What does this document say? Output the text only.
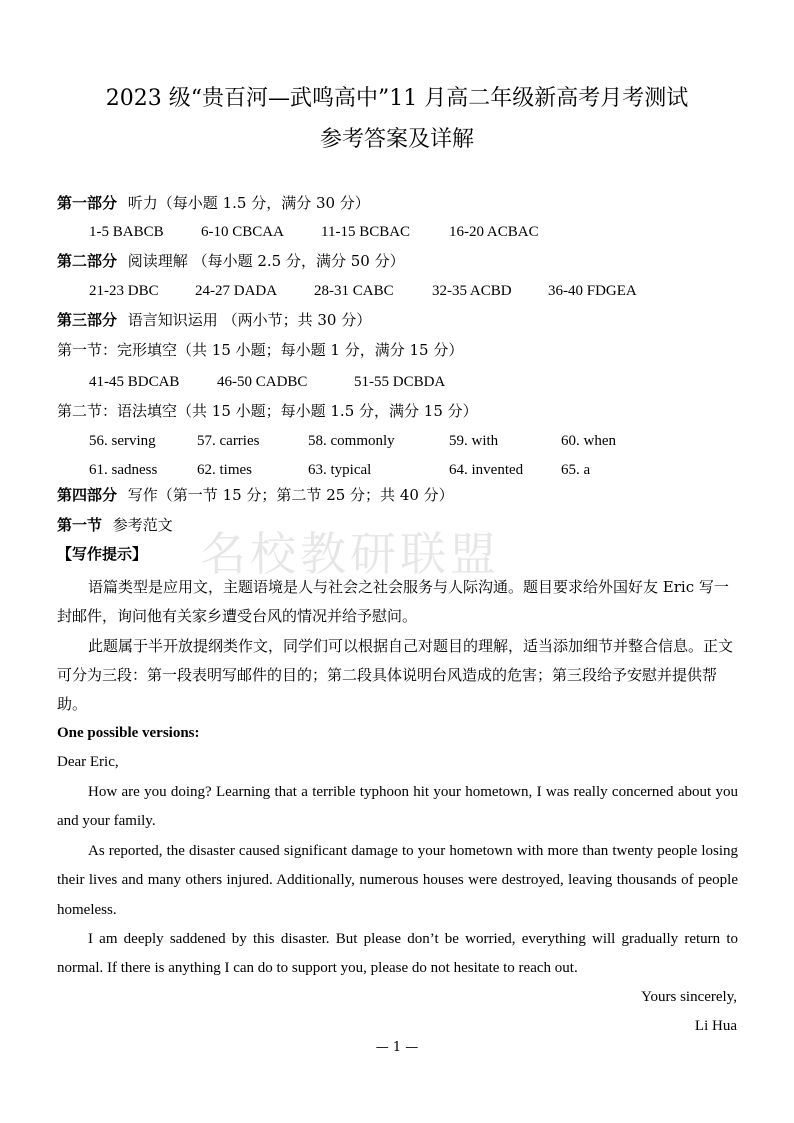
2023 级“贵百河—武鸣高中”11 月高二年级新高考月考测试
参考答案及详解
第一部分 听力（每小题 1.5 分，满分 30 分）
1-5 BABCB 6-10 CBCAA 11-15 BCBAC	16-20 ACBAC
第二部分 阅读理解 （每小题 2.5 分，满分 50 分）
21-23 DBC 24-27 DADA 28-31 CABC	32-35 ACBD 36-40 FDGEA
第三部分 语言知识运用 （两小节；共 30 分）
第一节：完形填空（共 15 小题；每小题 1 分，满分 15 分）
41-45 BDCAB	46-50 CADBC	51-55 DCBDA
第二节：语法填空（共 15 小题；每小题 1.5 分，满分 15 分）
56. serving	57. carries	58. commonly	59. with	60. when
61. sadness	62. times	63. typical	64. invented	65. a
第四部分 写作（第一节 15 分；第二节 25 分；共 40 分）
第一节 参考范文
名校教研联盟
【写作提示】
语篇类型是应用文，主题语境是人与社会之社会服务与人际沟通。题目要求给外国好友 Eric 写一封邮件，询问他有关家乡遭受台风的情况并给予慰问。
此题属于半开放提纲类作文，同学们可以根据自己对题目的理解，适当添加细节并整合信息。正文可分为三段：第一段表明写邮件的目的；第二段具体说明台风造成的危害；第三段给予安慰并提供帮助。
One possible versions:
Dear Eric,
How are you doing? Learning that a terrible typhoon hit your hometown, I was really concerned about you and your family.
As reported, the disaster caused significant damage to your hometown with more than twenty people losing their lives and many others injured. Additionally, numerous houses were destroyed, leaving thousands of people homeless.
I am deeply saddened by this disaster. But please don’t be worried, everything will gradually return to normal. If there is anything I can do to support you, please do not hesitate to reach out.
Yours sincerely,
Li Hua
— 1 —
